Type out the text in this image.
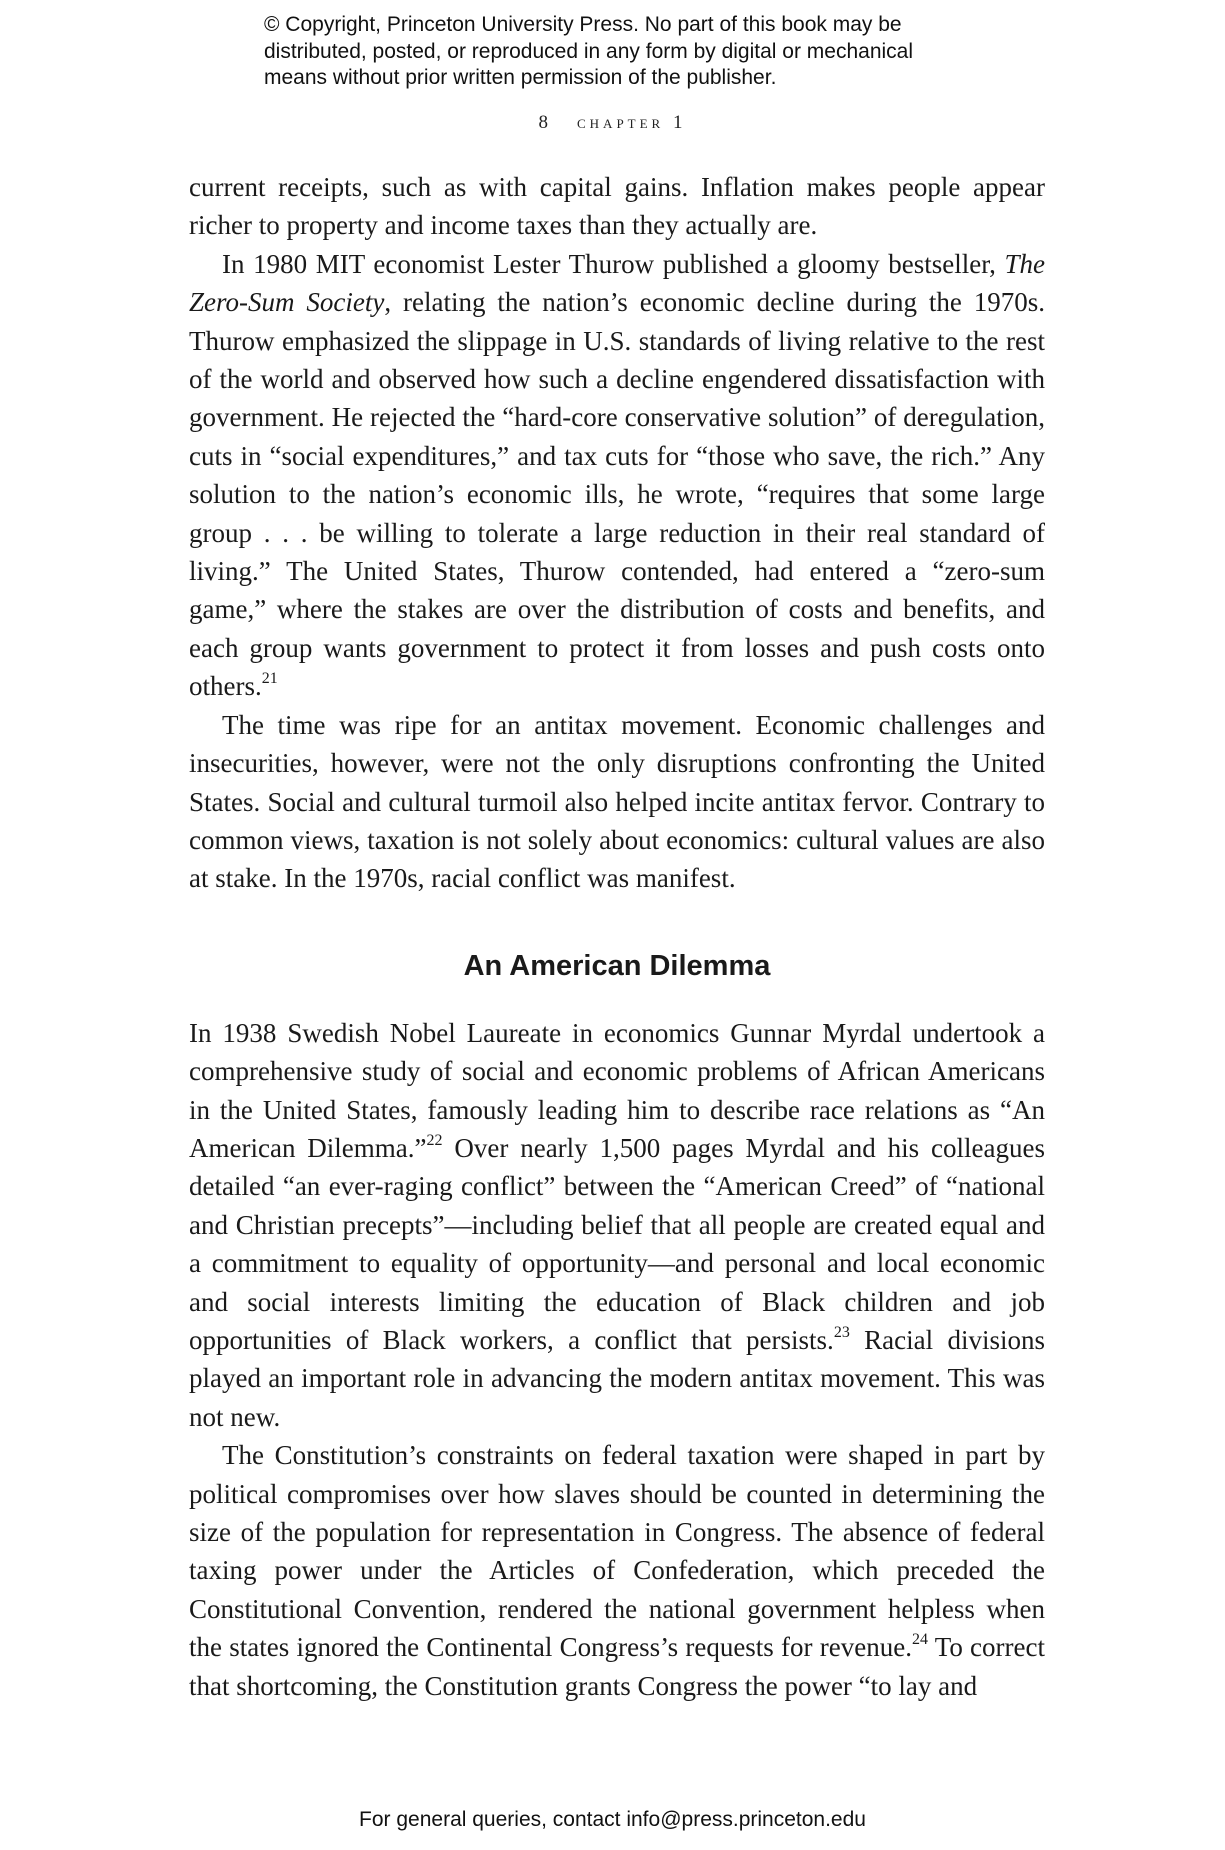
© Copyright, Princeton University Press. No part of this book may be
distributed, posted, or reproduced in any form by digital or mechanical
means without prior written permission of the publisher.
8 chapter 1

current receipts, such as with capital gains. Inflation makes people appear richer to property and income taxes than they actually are.

In 1980 MIT economist Lester Thurow published a gloomy bestseller, The Zero-Sum Society, relating the nation’s economic decline during the 1970s. Thurow emphasized the slippage in U.S. standards of living relative to the rest of the world and observed how such a decline engendered dissatisfaction with government. He rejected the “hard-core conservative solution” of deregulation, cuts in “social expenditures,” and tax cuts for “those who save, the rich.” Any solution to the nation’s economic ills, he wrote, “requires that some large group . . . be willing to tolerate a large reduction in their real standard of living.” The United States, Thurow contended, had entered a “zero-sum game,” where the stakes are over the distribution of costs and benefits, and each group wants government to protect it from losses and push costs onto others.$^{21}$

The time was ripe for an antitax movement. Economic challenges and insecurities, however, were not the only disruptions confronting the United States. Social and cultural turmoil also helped incite antitax fervor. Contrary to common views, taxation is not solely about economics: cultural values are also at stake. In the 1970s, racial conflict was manifest.

An American Dilemma

In 1938 Swedish Nobel Laureate in economics Gunnar Myrdal undertook a comprehensive study of social and economic problems of African Americans in the United States, famously leading him to describe race relations as “An American Dilemma.”$^{22}$ Over nearly 1,500 pages Myrdal and his colleagues detailed “an ever-raging conflict” between the “American Creed” of “national and Christian precepts”—including belief that all people are created equal and a commitment to equality of opportunity—and personal and local economic and social interests limiting the education of Black children and job opportunities of Black workers, a conflict that persists.$^{23}$ Racial divisions played an important role in advancing the modern antitax movement. This was not new.

The Constitution’s constraints on federal taxation were shaped in part by political compromises over how slaves should be counted in determining the size of the population for representation in Congress. The absence of federal taxing power under the Articles of Confederation, which preceded the Constitutional Convention, rendered the national government helpless when the states ignored the Continental Congress’s requests for revenue.$^{24}$ To correct that shortcoming, the Constitution grants Congress the power “to lay and

For general queries, contact info@press.princeton.edu
